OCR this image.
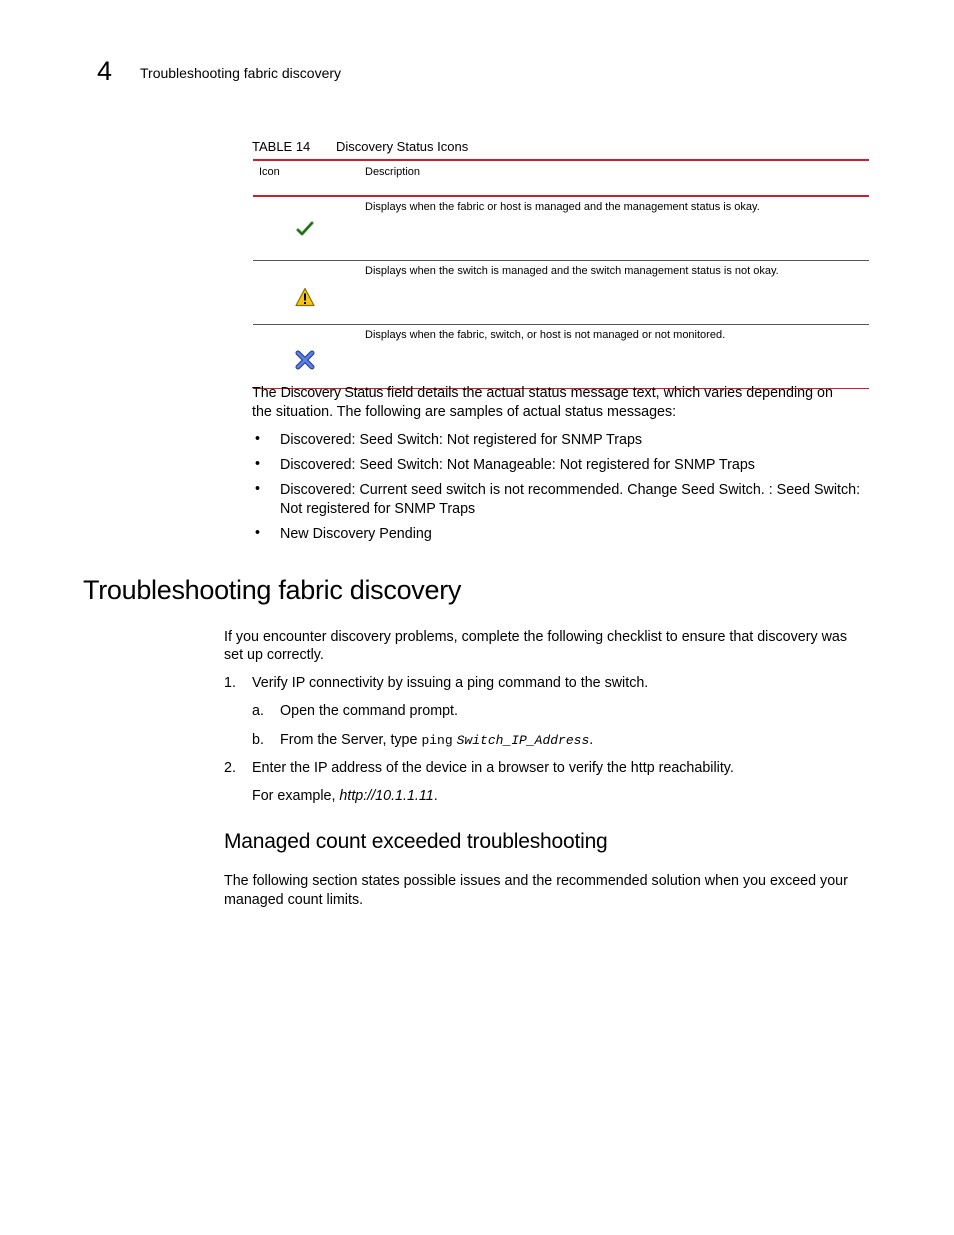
4 Troubleshooting fabric discovery
TABLE 14 Discovery Status Icons
Icon	Description

	Displays when the fabric or host is managed and the management status is okay.

	Displays when the switch is managed and the switch management status is not okay.

	Displays when the fabric, switch, or host is not managed or not monitored.
The Discovery Status field details the actual status message text, which varies depending on
the situation. The following are samples of actual status messages:
• Discovered: Seed Switch: Not registered for SNMP Traps
• Discovered: Seed Switch: Not Manageable: Not registered for SNMP Traps
• Discovered: Current seed switch is not recommended. Change Seed Switch. : Seed Switch:
Not registered for SNMP Traps
• New Discovery Pending
Troubleshooting fabric discovery
If you encounter discovery problems, complete the following checklist to ensure that discovery was
set up correctly.
1. Verify IP connectivity by issuing a ping command to the switch.
a. Open the command prompt.
b. From the Server, type ping Switch_IP_Address.
2. Enter the IP address of the device in a browser to verify the http reachability.
For example, http://10.1.1.11.
Managed count exceeded troubleshooting
The following section states possible issues and the recommended solution when you exceed your
managed count limits.
